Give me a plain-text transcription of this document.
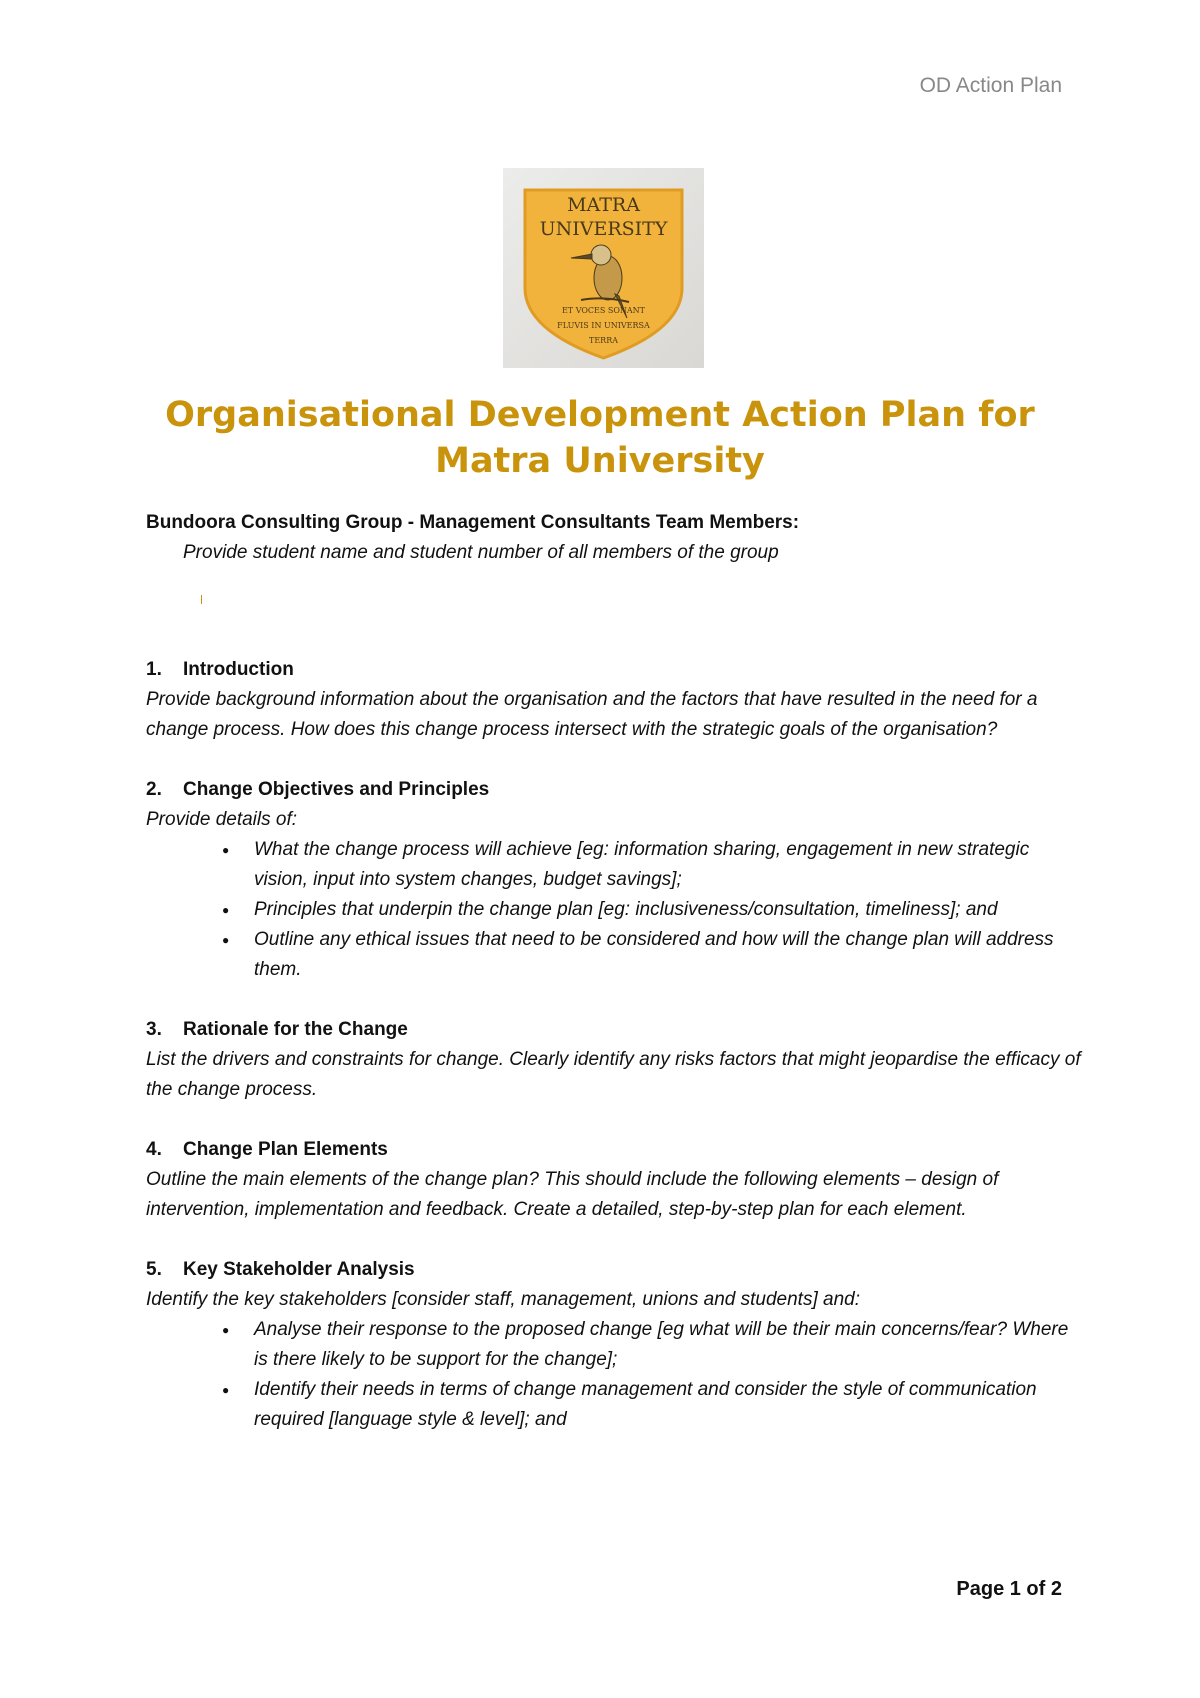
OD Action Plan
MATRA
UNIVERSITY
ET VOCES SONANT
FLUVIS IN UNIVERSA
TERRA
Organisational Development Action Plan for
Matra University
Bundoora Consulting Group - Management Consultants Team Members:
Provide student name and student number of all members of the group
1. Introduction
Provide background information about the organisation and the factors that have resulted in the need for a change process. How does this change process intersect with the strategic goals of the organisation?
2. Change Objectives and Principles
Provide details of:
● What the change process will achieve [eg: information sharing, engagement in new strategic vision, input into system changes, budget savings];
● Principles that underpin the change plan [eg: inclusiveness/consultation, timeliness]; and
● Outline any ethical issues that need to be considered and how will the change plan will address them.
3. Rationale for the Change
List the drivers and constraints for change. Clearly identify any risks factors that might jeopardise the efficacy of the change process.
4. Change Plan Elements
Outline the main elements of the change plan? This should include the following elements – design of intervention, implementation and feedback. Create a detailed, step-by-step plan for each element.
5. Key Stakeholder Analysis
Identify the key stakeholders [consider staff, management, unions and students] and:
● Analyse their response to the proposed change [eg what will be their main concerns/fear? Where is there likely to be support for the change];
● Identify their needs in terms of change management and consider the style of communication required [language style & level]; and
Page 1 of 2
